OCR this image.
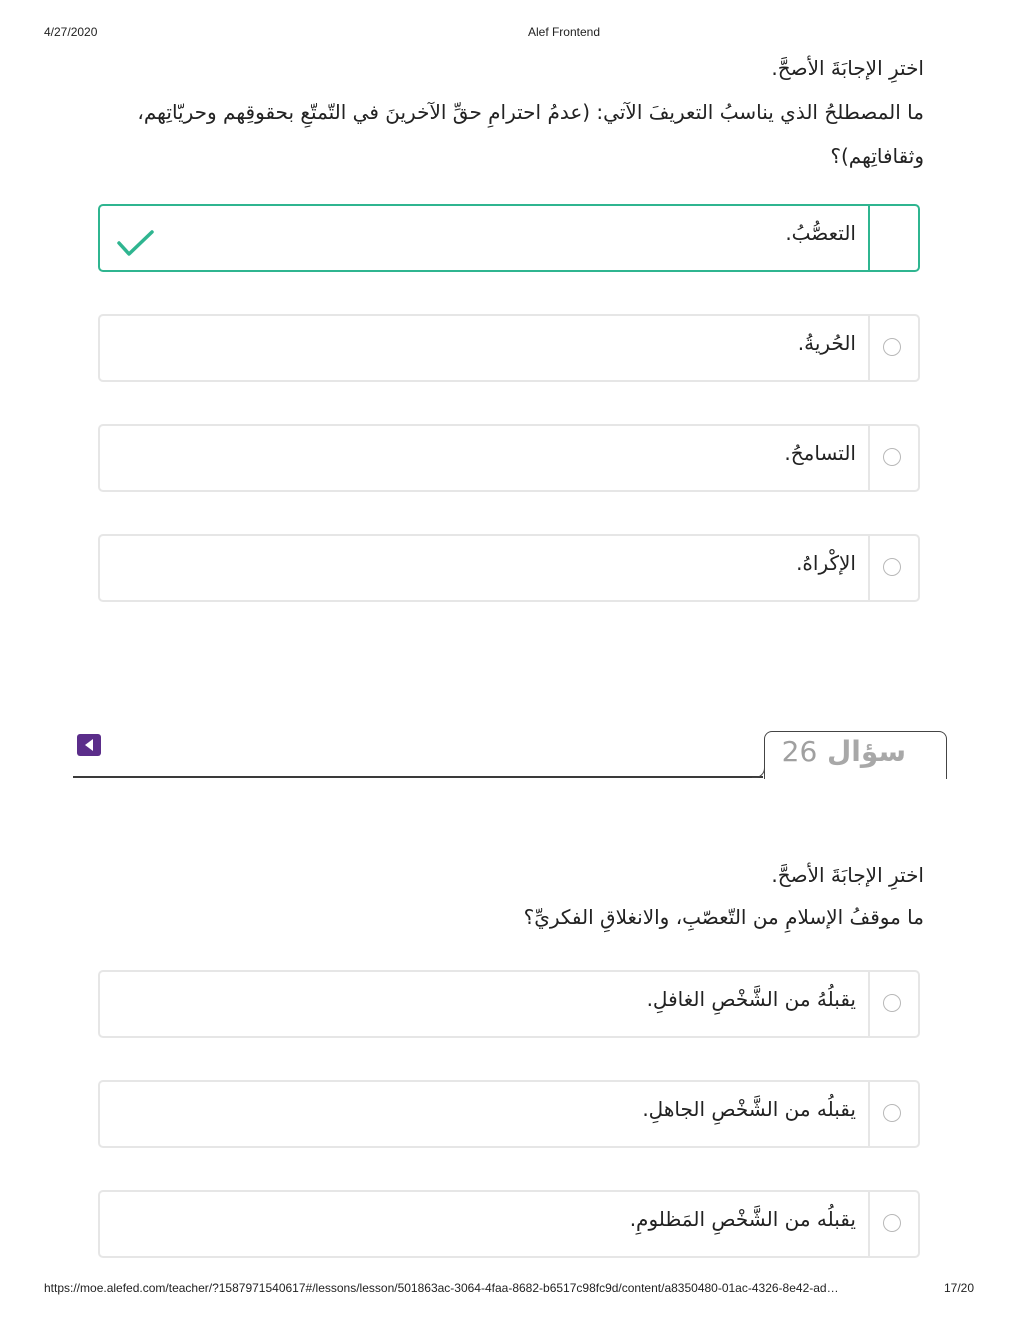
4/27/2020	Alef Frontend
اخترِ الإجابَةَ الأصحَّ.
ما المصطلحُ الذي يناسبُ التعريفَ الآتي: (عدمُ احترامِ حقِّ الآخرينَ في التّمتّعِ بحقوقِهم وحريّاتِهم، وثقافاتِهم)؟
التعصُّبُ.
الحُريةُ.
التسامحُ.
الإكْراهُ.
سؤال 26
اخترِ الإجابَةَ الأصحَّ.
ما موقفُ الإسلامِ من التّعصّبِ، والانغلاقِ الفكريِّ؟
يقبلُهُ من الشَّخْصِ الغافلِ.
يقبلُه من الشَّخْصِ الجاهلِ.
يقبلُه من الشَّخْصِ المَظلومِ.
https://moe.alefed.com/teacher/?1587971540617#/lessons/lesson/501863ac-3064-4faa-8682-b6517c98fc9d/content/a8350480-01ac-4326-8e42-ad…	17/20
